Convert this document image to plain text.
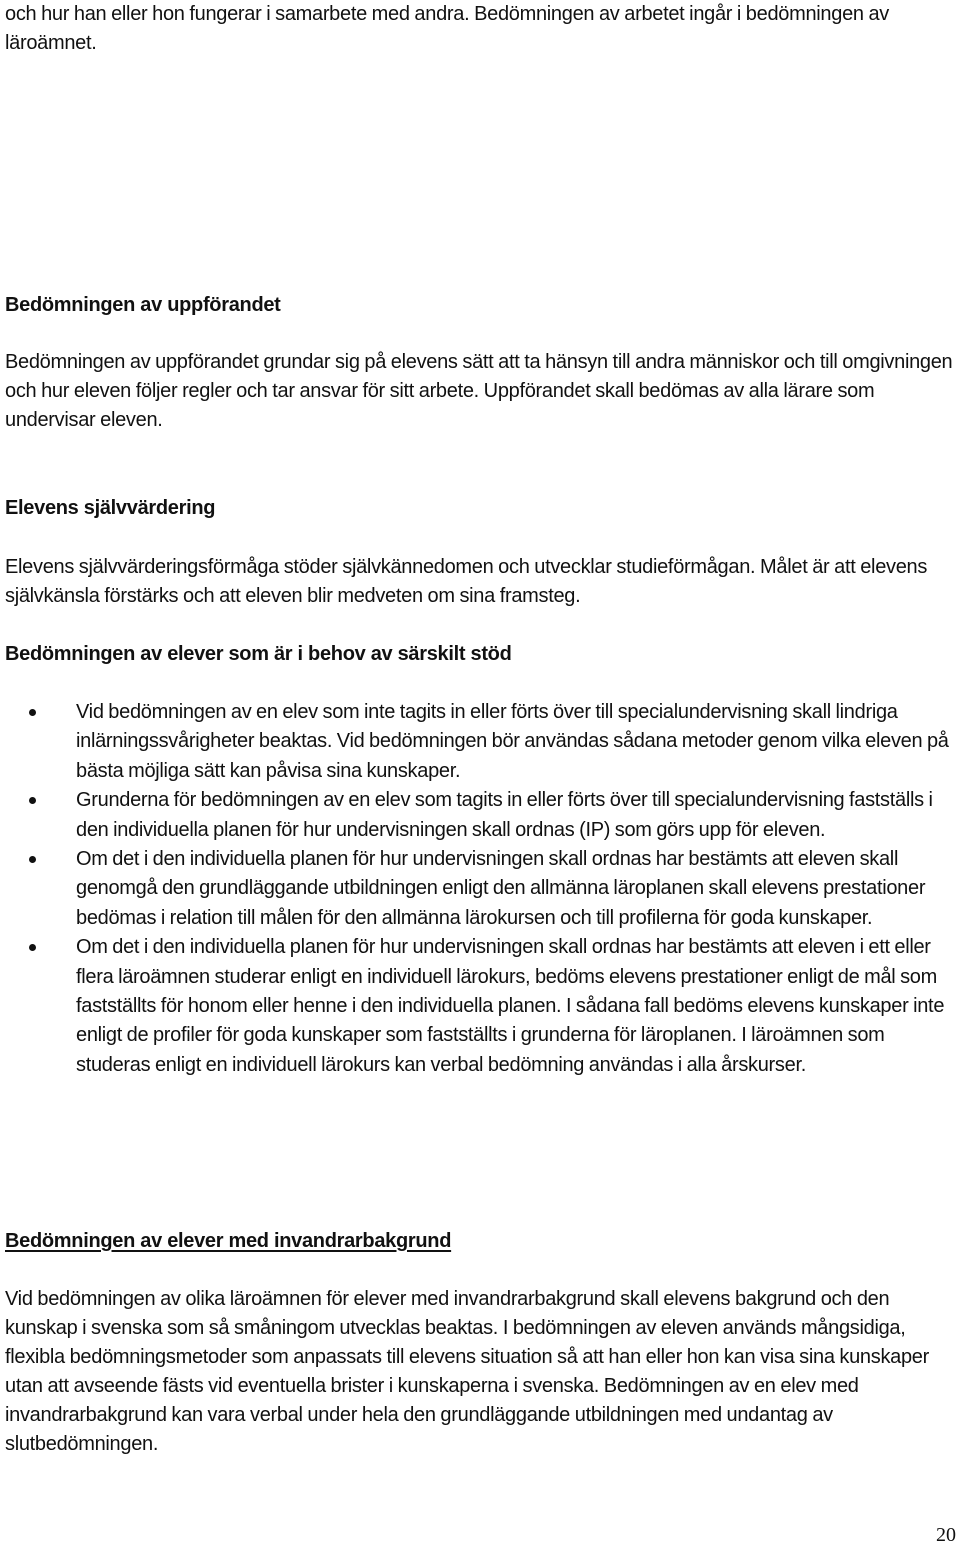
och hur han eller hon fungerar i samarbete med andra. Bedömningen av arbetet ingår i bedömningen av läroämnet.
Bedömningen av uppförandet
Bedömningen av uppförandet grundar sig på elevens sätt att ta hänsyn till andra människor och till omgivningen och hur eleven följer regler och tar ansvar för sitt arbete. Uppförandet skall bedömas av alla lärare som undervisar eleven.
Elevens självvärdering
Elevens självvärderingsförmåga stöder självkännedomen och utvecklar studieförmågan. Målet är att elevens självkänsla förstärks och att eleven blir medveten om sina framsteg.
Bedömningen av elever som är i behov av särskilt stöd
Vid bedömningen av en elev som inte tagits in eller förts över till specialundervisning skall lindriga inlärningssvårigheter beaktas. Vid bedömningen bör användas sådana metoder genom vilka eleven på bästa möjliga sätt kan påvisa sina kunskaper.
Grunderna för bedömningen av en elev som tagits in eller förts över till specialundervisning fastställs i den individuella planen för hur undervisningen skall ordnas (IP) som görs upp för eleven.
Om det i den individuella planen för hur undervisningen skall ordnas har bestämts att eleven skall genomgå den grundläggande utbildningen enligt den allmänna läroplanen skall elevens prestationer bedömas i relation till målen för den allmänna lärokursen och till profilerna för goda kunskaper.
Om det i den individuella planen för hur undervisningen skall ordnas har bestämts att eleven i ett eller flera läroämnen studerar enligt en individuell lärokurs, bedöms elevens prestationer enligt de mål som fastställts för honom eller henne i den individuella planen. I sådana fall bedöms elevens kunskaper inte enligt de profiler för goda kunskaper som fastställts i grunderna för läroplanen. I läroämnen som studeras enligt en individuell lärokurs kan verbal bedömning användas i alla årskurser.
Bedömningen av elever med invandrarbakgrund
Vid bedömningen av olika läroämnen för elever med invandrarbakgrund skall elevens bakgrund och den kunskap i svenska som så småningom utvecklas beaktas. I bedömningen av eleven används mångsidiga, flexibla bedömningsmetoder som anpassats till elevens situation så att han eller hon kan visa sina kunskaper utan att avseende fästs vid eventuella brister i kunskaperna i svenska. Bedömningen av en elev med invandrarbakgrund kan vara verbal under hela den grundläggande utbildningen med undantag av slutbedömningen.
20
